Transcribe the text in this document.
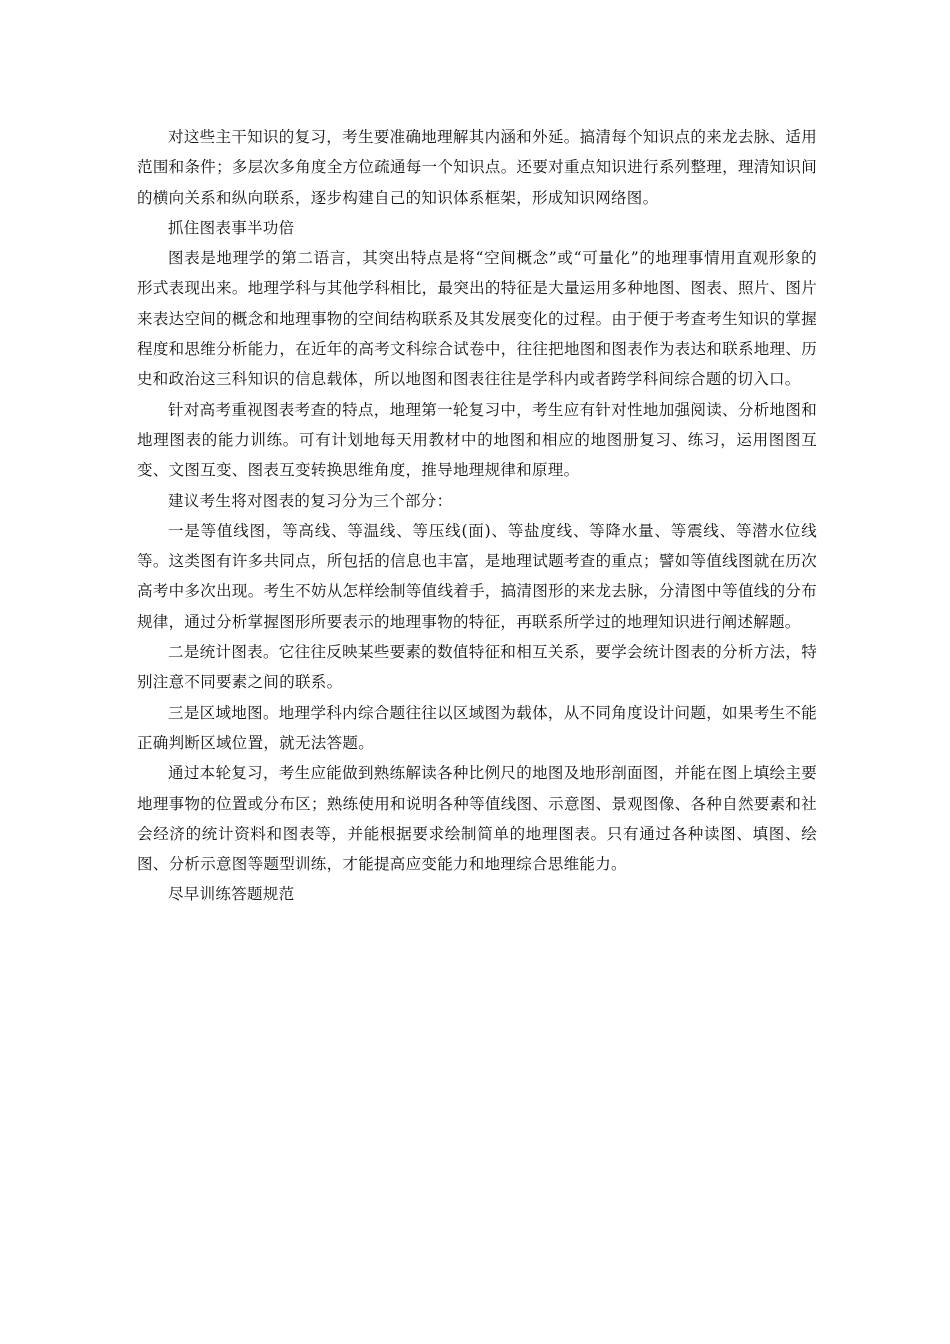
对这些主干知识的复习，考生要准确地理解其内涵和外延。搞清每个知识点的来龙去脉、适用范围和条件；多层次多角度全方位疏通每一个知识点。还要对重点知识进行系列整理，理清知识间的横向关系和纵向联系，逐步构建自己的知识体系框架，形成知识网络图。

抓住图表事半功倍

图表是地理学的第二语言，其突出特点是将“空间概念”或“可量化”的地理事情用直观形象的形式表现出来。地理学科与其他学科相比，最突出的特征是大量运用多种地图、图表、照片、图片来表达空间的概念和地理事物的空间结构联系及其发展变化的过程。由于便于考查考生知识的掌握程度和思维分析能力，在近年的高考文科综合试卷中，往往把地图和图表作为表达和联系地理、历史和政治这三科知识的信息载体，所以地图和图表往往是学科内或者跨学科间综合题的切入口。

针对高考重视图表考查的特点，地理第一轮复习中，考生应有针对性地加强阅读、分析地图和地理图表的能力训练。可有计划地每天用教材中的地图和相应的地图册复习、练习，运用图图互变、文图互变、图表互变转换思维角度，推导地理规律和原理。

建议考生将对图表的复习分为三个部分：

一是等值线图，等高线、等温线、等压线(面)、等盐度线、等降水量、等震线、等潜水位线等。这类图有许多共同点，所包括的信息也丰富，是地理试题考查的重点；譬如等值线图就在历次高考中多次出现。考生不妨从怎样绘制等值线着手，搞清图形的来龙去脉，分清图中等值线的分布规律，通过分析掌握图形所要表示的地理事物的特征，再联系所学过的地理知识进行阐述解题。

二是统计图表。它往往反映某些要素的数值特征和相互关系，要学会统计图表的分析方法，特别注意不同要素之间的联系。

三是区域地图。地理学科内综合题往往以区域图为载体，从不同角度设计问题，如果考生不能正确判断区域位置，就无法答题。

通过本轮复习，考生应能做到熟练解读各种比例尺的地图及地形剖面图，并能在图上填绘主要地理事物的位置或分布区；熟练使用和说明各种等值线图、示意图、景观图像、各种自然要素和社会经济的统计资料和图表等，并能根据要求绘制简单的地理图表。只有通过各种读图、填图、绘图、分析示意图等题型训练，才能提高应变能力和地理综合思维能力。

尽早训练答题规范
